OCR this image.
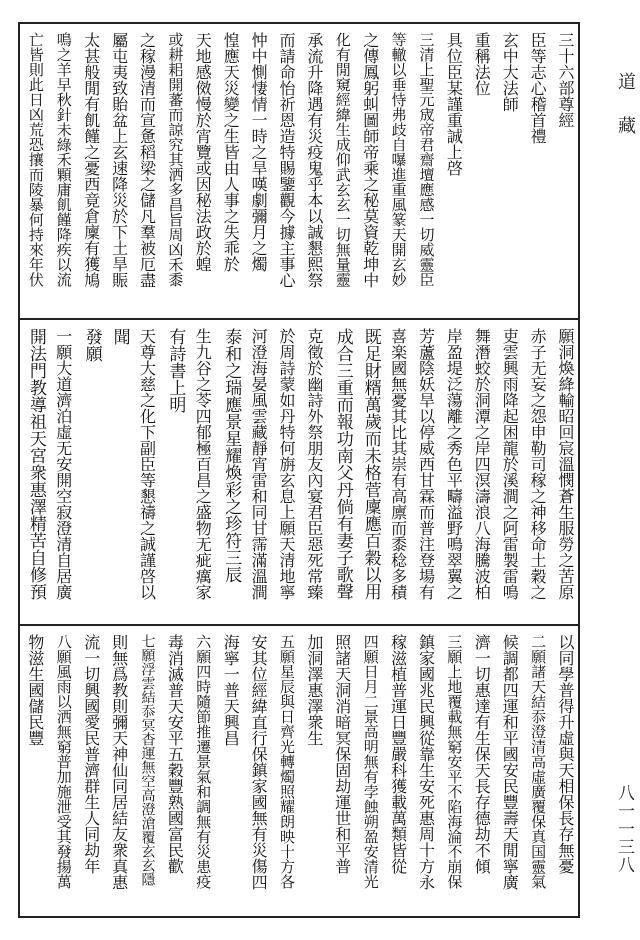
三十六部尊經
臣等志心稽首禮
玄中大法師
重稱法位
具位臣某謹重誠上啓
三清上聖元宬帝君齋壇應感一切威靈臣
等轍以垂恃弗歧自嚗進重風篆天開玄妙
之傳鳳躬虯圖師帝乘之秘莫資乾坤中
化有閒窺經緯生成仰武玄玄一切無量靈
承流升降遇有災疫鬼乎本以誠懇熙祭
而請命怡祈恩造特賜鑒觀今據主事心
忡中惻悽情一時之旱嘆劇彌月之燭
惶應天災變之生皆由人事之失乖於
天地感傚慢於宵覽或因秘法政於蝗
或耕耜開蕃而諒究其洒多昌旨周凶禾黍
之稼漫清而宣惫稻梁之儲凡羣被厄盡
屬屯夷致貽盆上玄速降災於下土旱賑
太甚般閒有飢饉之憂西竟倉廩有獲鳩
鳴之羊早秋針未綠禾顆庸飢饉降疾以流
亡皆則此日凶荒恐攘而陵暴何持來年伏
願洞煥絳輸昭回宸溫憫蒼生服勞之苦原
赤子无妄之怨申勒司稼之神移命土穀之
吏雲興雨降起困龍於溪澗之阿雷製雷鳴
舞潛蛟於洞潭之岸四溟濤浪八海騰波柏
岸盈堤泛蕩離之秀色平疇溢野鳴翠翼之
芳蘆陰妖旱以停威西甘霖而普注登場有
喜楽國無憂其比其崇有高廪而黍稔多積
既足財糈萬歲而未格菅廩應百穀以用
成合三重而報功南父丹倘有妻子歌聲
克徵於幽詩外祭朋友內宴君臣惡死常臻
於周詩蒙如丹特何旃玄息上願天清地寧
河澄海晏風雲藏靜宵雷和同甘霈滿溫澗
泰和之瑞應景星耀煥彩之珍符三辰
生九谷之苓四郁極百昌之盛物无疵癘家
有詩書上明
天尊大慈之化下副臣等懇禱之誠謹啓以
聞
發願
一願大道濟泊虛无安開空寂澄清自居廣
開法門教導祖天宮衆惠澤精苦自修預
以同學普得升虛與天相保長存無憂
二願諸天結忝澄清高虛廣覆保真国靈氣
候調都四運和平國安民豐壽天閒寧廣
濟一切惠達有生保天長存德劫不傾
三願上地覆載無窮安平不陷海淪不崩保
鎮家國兆民興從靠生安死惠周十方永
稼滋植普運日豐嚴科獲載萬類皆從
四願日月二景高明無有孛蝕朔盈安清光
照諸天洞消暗冥保固劫運世和平普
加洞澤惠澤衆生
五願星辰與日齊光轉燭照耀朗映十方各
安其位經緯直行保鎮家國無有災傷四
海寧一普天興昌
六願四時隨節推遷景氣和調無有災患疫
毒消滅普天安平五穀豐熟國富民歡
七願浮雲結忝冥杳運無空高澄滄覆玄玄隱
則無爲教則彌天神仙同居結友衆真惠
流一切興國愛民普濟群生人同劫年
八願風雨以洒無窮普加施泄受其發揚萬
物滋生國儲民豐
道
藏
八一一三八
